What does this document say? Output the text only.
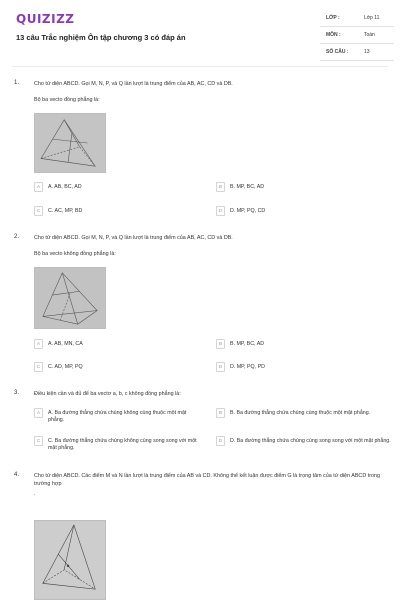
QUIZIZZ
13 câu Trắc nghiệm Ôn tập chương 3 có đáp án
LỚP :	Lớp 11
MÔN :	Toán
SỐ CÂU :	13
1.	Cho tứ diện ABCD. Gọi M, N, P, và Q lần lượt là trung điểm của AB, AC, CD và DB.
Bộ ba vecto đồng phẳng là:
A	A. AB, BC, AD	B	B. MP, BC, AD
C	C. AC, MP, BD	D	D. MP, PQ, CD
2.	Cho tứ diện ABCD. Gọi M, N, P, và Q lần lượt là trung điểm của AB, AC, CD và DB.
Bộ ba vecto không đồng phẳng là:
A	A. AB, MN, CA	B	B. MP, BC, AD
C	C. AD, MP, PQ	D	D. MP, PQ, PD
3.	Điều kiện cần và đủ để ba vectơ a, b, c không đồng phẳng là:
A	A. Ba đường thẳng chứa chúng không cùng thuộc một mặt phẳng.
B	B. Ba đường thẳng chứa chúng cùng thuộc một mặt phẳng.
C	C. Ba đường thẳng chứa chúng không cùng song song với một mặt phẳng.
D	D. Ba đường thẳng chứa chúng cùng song song với một mặt phẳng.
4.	Cho tứ diện ABCD. Các điểm M và N lần lượt là trung điểm của AB và CD. Không thể kết luận được điểm G là trọng tâm của tứ diện ABCD trong trường hợp
.
